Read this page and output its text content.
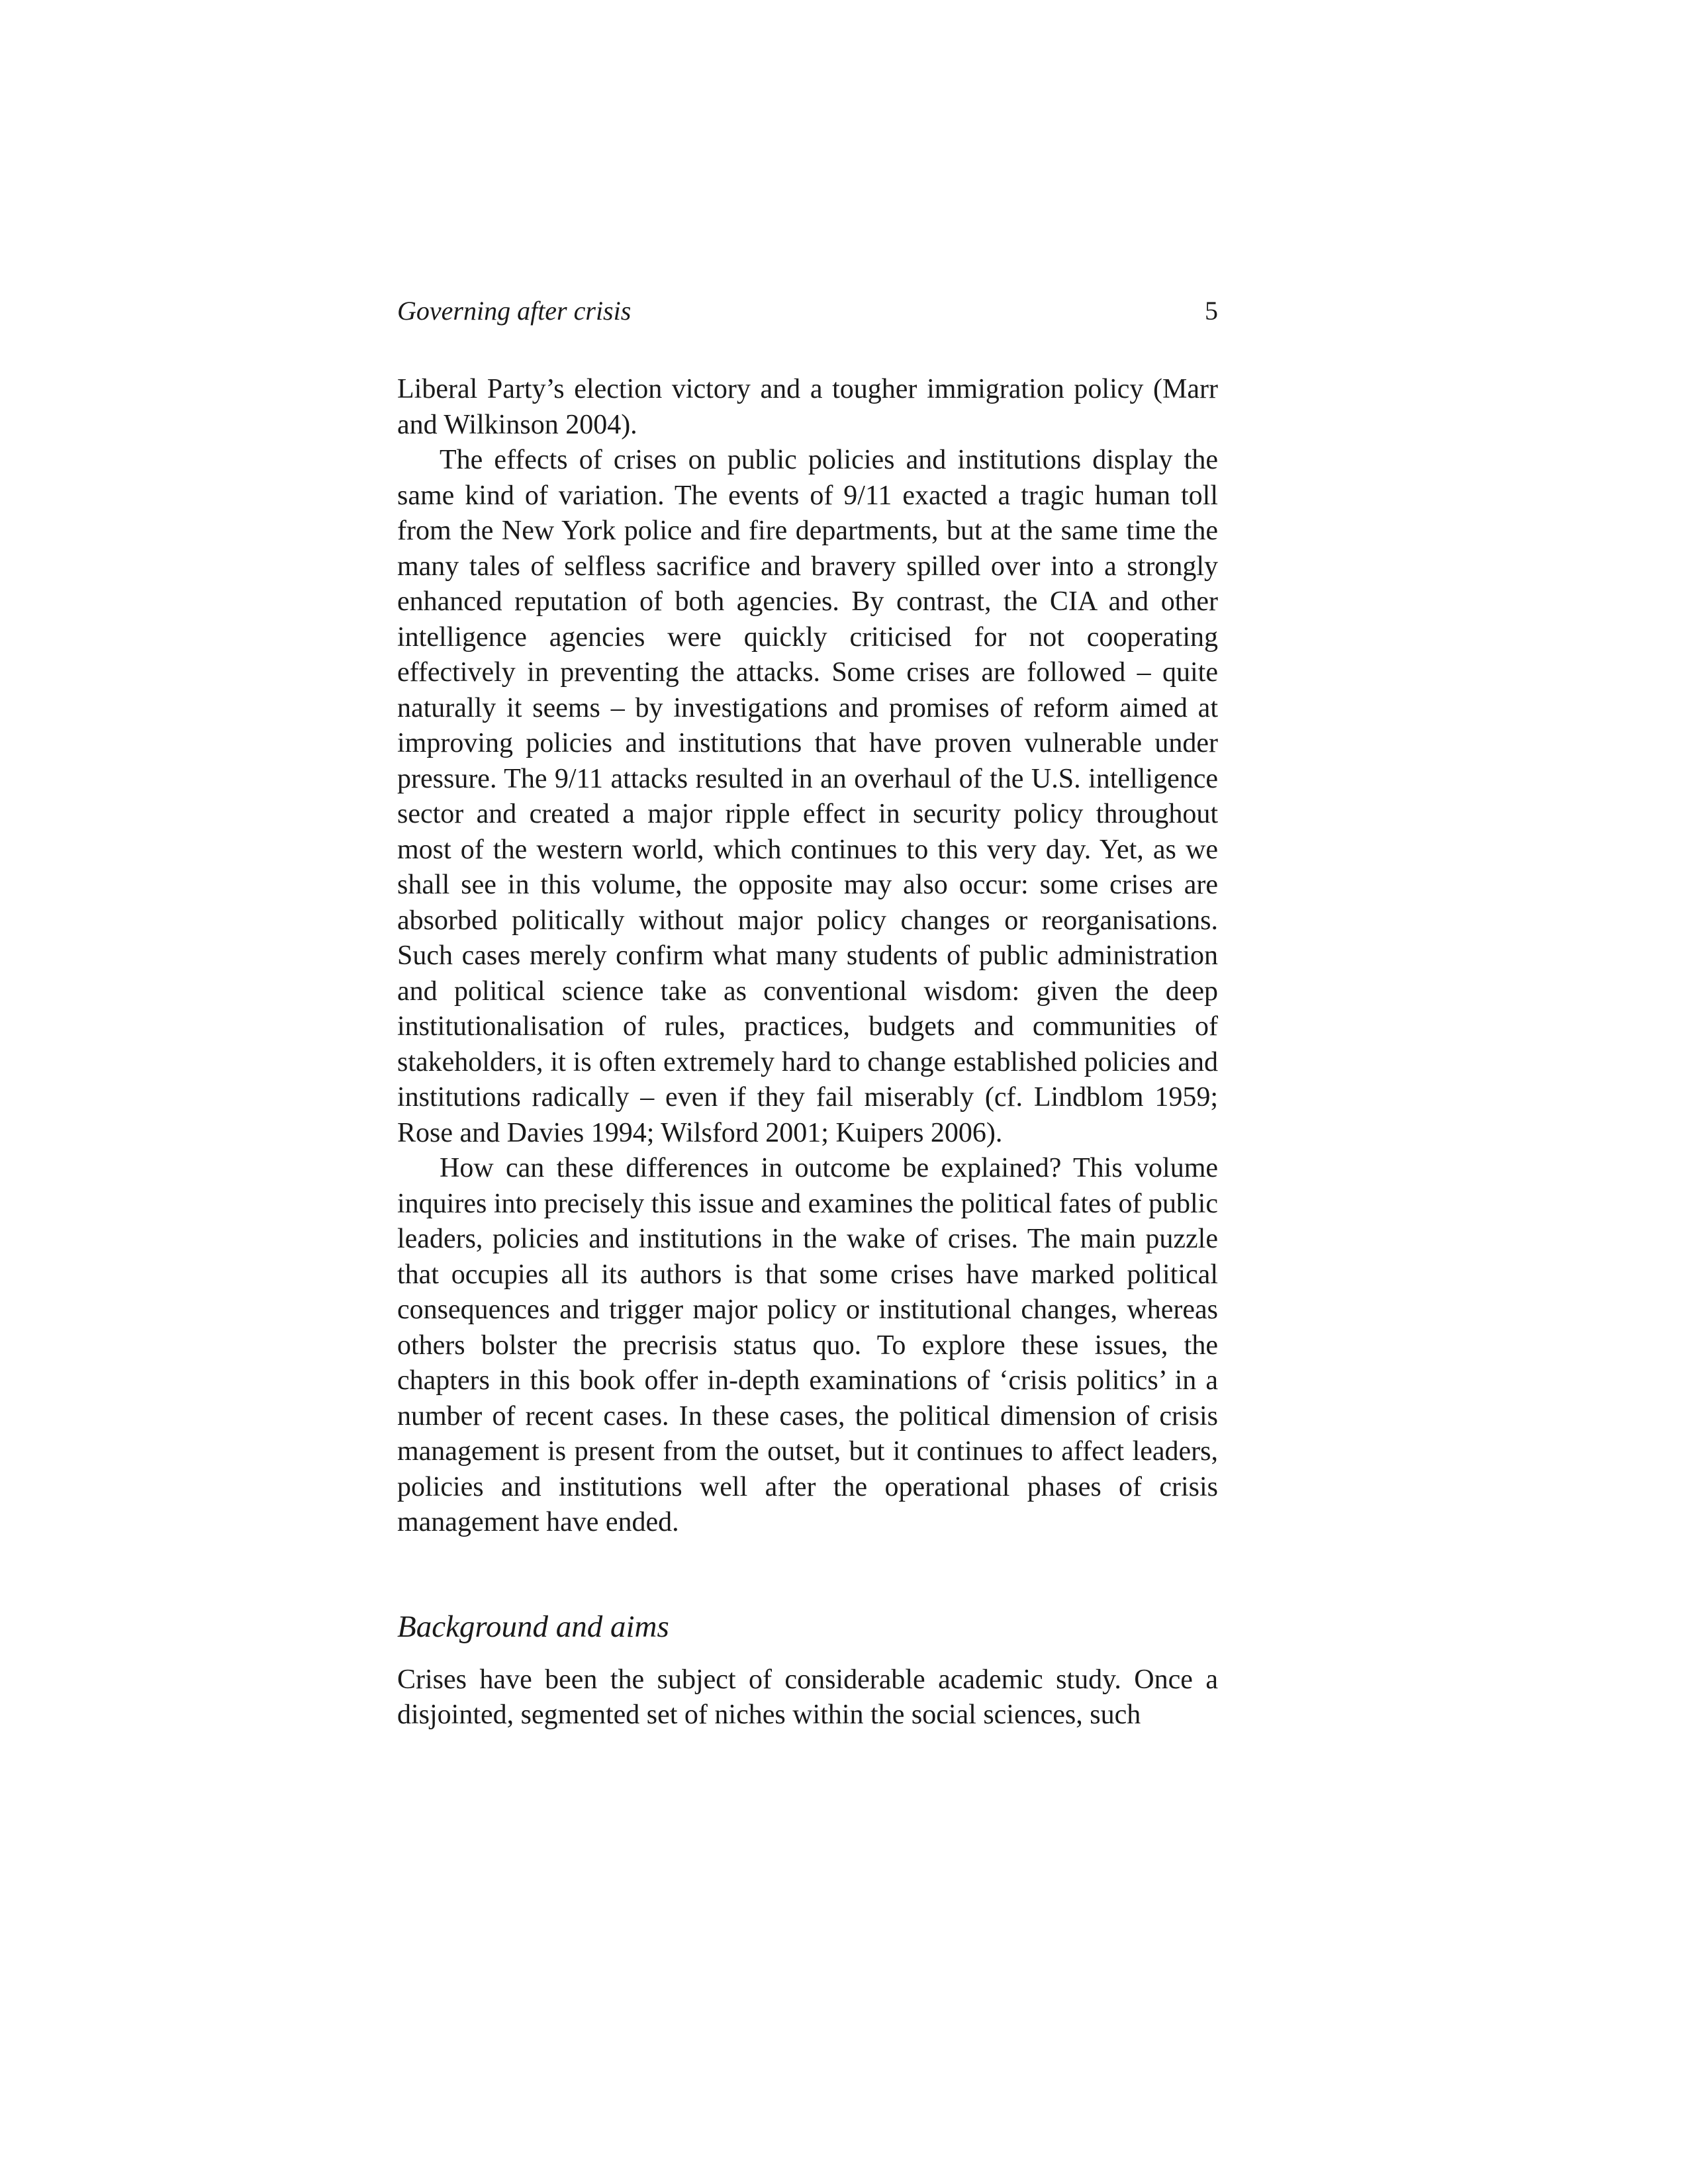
Governing after crisis	5

Liberal Party’s election victory and a tougher immigration policy (Marr and Wilkinson 2004).

The effects of crises on public policies and institutions display the same kind of variation. The events of 9/11 exacted a tragic human toll from the New York police and fire departments, but at the same time the many tales of selfless sacrifice and bravery spilled over into a strongly enhanced reputation of both agencies. By contrast, the CIA and other intelligence agencies were quickly criticised for not cooperating effectively in preventing the attacks. Some crises are followed – quite naturally it seems – by investigations and promises of reform aimed at improving policies and institutions that have proven vulnerable under pressure. The 9/11 attacks resulted in an overhaul of the U.S. intelligence sector and created a major ripple effect in security policy throughout most of the western world, which continues to this very day. Yet, as we shall see in this volume, the opposite may also occur: some crises are absorbed politically without major policy changes or reorganisations. Such cases merely confirm what many students of public administration and political science take as conventional wisdom: given the deep institutionalisation of rules, practices, budgets and communities of stakeholders, it is often extremely hard to change established policies and institutions radically – even if they fail miserably (cf. Lindblom 1959; Rose and Davies 1994; Wilsford 2001; Kuipers 2006).

How can these differences in outcome be explained? This volume inquires into precisely this issue and examines the political fates of public leaders, policies and institutions in the wake of crises. The main puzzle that occupies all its authors is that some crises have marked political consequences and trigger major policy or institutional changes, whereas others bolster the precrisis status quo. To explore these issues, the chapters in this book offer in-depth examinations of ‘crisis politics’ in a number of recent cases. In these cases, the political dimension of crisis management is present from the outset, but it continues to affect leaders, policies and institutions well after the operational phases of crisis management have ended.

Background and aims

Crises have been the subject of considerable academic study. Once a disjointed, segmented set of niches within the social sciences, such
